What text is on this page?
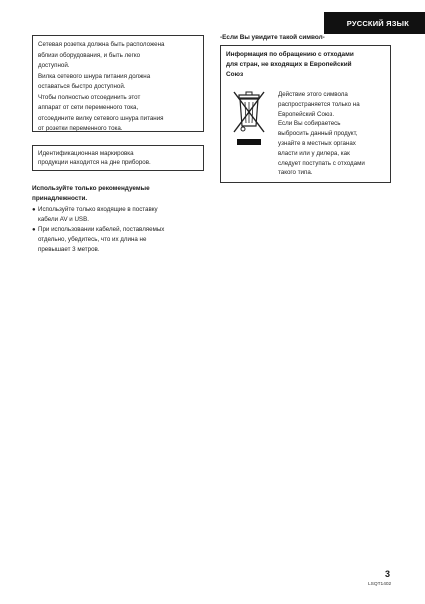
РУССКИЙ ЯЗЫК
Сетевая розетка должна быть расположена
вблизи оборудования, и быть легко
доступной.
Вилка сетевого шнура питания должна
оставаться быстро доступной.
Чтобы полностью отсоединить этот
аппарат от сети переменного тока,
отсоедините вилку сетевого шнура питания
от розетки переменного тока.
Идентификационная маркировка
продукции находится на дне приборов.
Используйте только рекомендуемые
принадлежности.
● Используйте только входящие в поставку
кабели AV и USB.
● При использовании кабелей, поставляемых
отдельно, убедитесь, что их длина не
превышает 3 метров.
-Если Вы увидите такой символ-
Информация по обращению с отходами
для стран, не входящих в Европейский
Союз
Действие этого символа
распространяется только на
Европейский Союз.
Если Вы собираетесь
выбросить данный продукт,
узнайте в местных органах
власти или у дилера, как
следует поступать с отходами
такого типа.
3
LSQT1402
